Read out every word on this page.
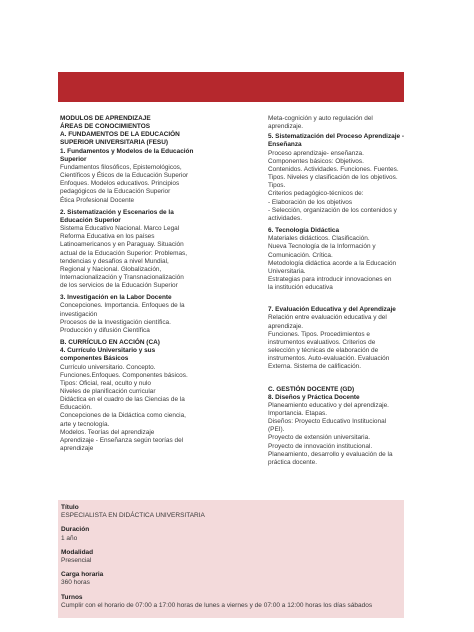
MODULOS DE APRENDIZAJE

ÁREAS DE CONOCIMIENTOS

A. FUNDAMENTOS DE LA EDUCACIÓN

SUPERIOR UNIVERSITARIA (FESU)

1. Fundamentos y Modelos de la Educación

Superior

Fundamentos filosóficos, Epistemológicos,

Científicos y Éticos de la Educación Superior

Enfoques. Modelos educativos. Principios

pedagógicos de la Educación Superior

Ética Profesional Docente

2. Sistematización y Escenarios de la

Educación Superior

Sistema Educativo Nacional. Marco Legal

Reforma Educativa en los países

Latinoamericanos y en Paraguay. Situación

actual de la Educación Superior: Problemas,

tendencias y desafíos a nivel Mundial,

Regional y Nacional. Globalización,

Internacionalización y Transnacionalización

de los servicios de la Educación Superior

3. Investigación en la Labor Docente

Concepciones. Importancia. Enfoques de la

investigación

Procesos de la Investigación científica.

Producción y difusión Científica

B. CURRÍCULO EN ACCIÓN (CA)

4. Currículo Universitario y sus

componentes Básicos

Currículo universitario. Concepto.

Funciones.Enfoques. Componentes básicos.

Tipos: Oficial, real, oculto y nulo

Niveles de planificación curricular

Didáctica en el cuadro de las Ciencias de la

Educación.

Concepciones de la Didáctica como ciencia,

arte y tecnología.

Modelos. Teorías del aprendizaje

Aprendizaje - Enseñanza según teorías del

aprendizaje

Meta-cognición y auto regulación del

aprendizaje.

5. Sistematización del Proceso Aprendizaje -

Enseñanza

Proceso aprendizaje- enseñanza.

Componentes básicos: Objetivos.

Contenidos. Actividades. Funciones. Fuentes.

Tipos. Niveles y clasificación de los objetivos.

Tipos.

Criterios pedagógico-técnicos de:

- Elaboración de los objetivos

- Selección, organización de los contenidos y

actividades.

6. Tecnología Didáctica

Materiales didácticos. Clasificación.

Nueva Tecnología de la Información y

Comunicación. Crítica.

Metodología didáctica acorde a la Educación

Universitaria.

Estrategias para introducir innovaciones en

la institución educativa

7. Evaluación Educativa y del Aprendizaje

Relación entre evaluación educativa y del

aprendizaje.

Funciones. Tipos. Procedimientos e

instrumentos evaluativos. Criterios de

selección y técnicas de elaboración de

instrumentos. Auto-evaluación. Evaluación

Externa. Sistema de calificación.

C. GESTIÓN DOCENTE (GD)

8. Diseños y Práctica Docente

Planeamiento educativo y del aprendizaje.

Importancia. Etapas.

Diseños: Proyecto Educativo Institucional

(PEI).

Proyecto de extensión universitaria.

Proyecto de innovación institucional.

Planeamiento, desarrollo y evaluación de la

práctica docente.

Título
ESPECIALISTA EN DIDÁCTICA UNIVERSITARIA
Duración
1 año
Modalidad
Presencial
Carga horaria
360 horas
Turnos
Cumplir con el horario de 07:00 a 17:00 horas de lunes a viernes y de 07:00 a 12:00 horas los días sábados
